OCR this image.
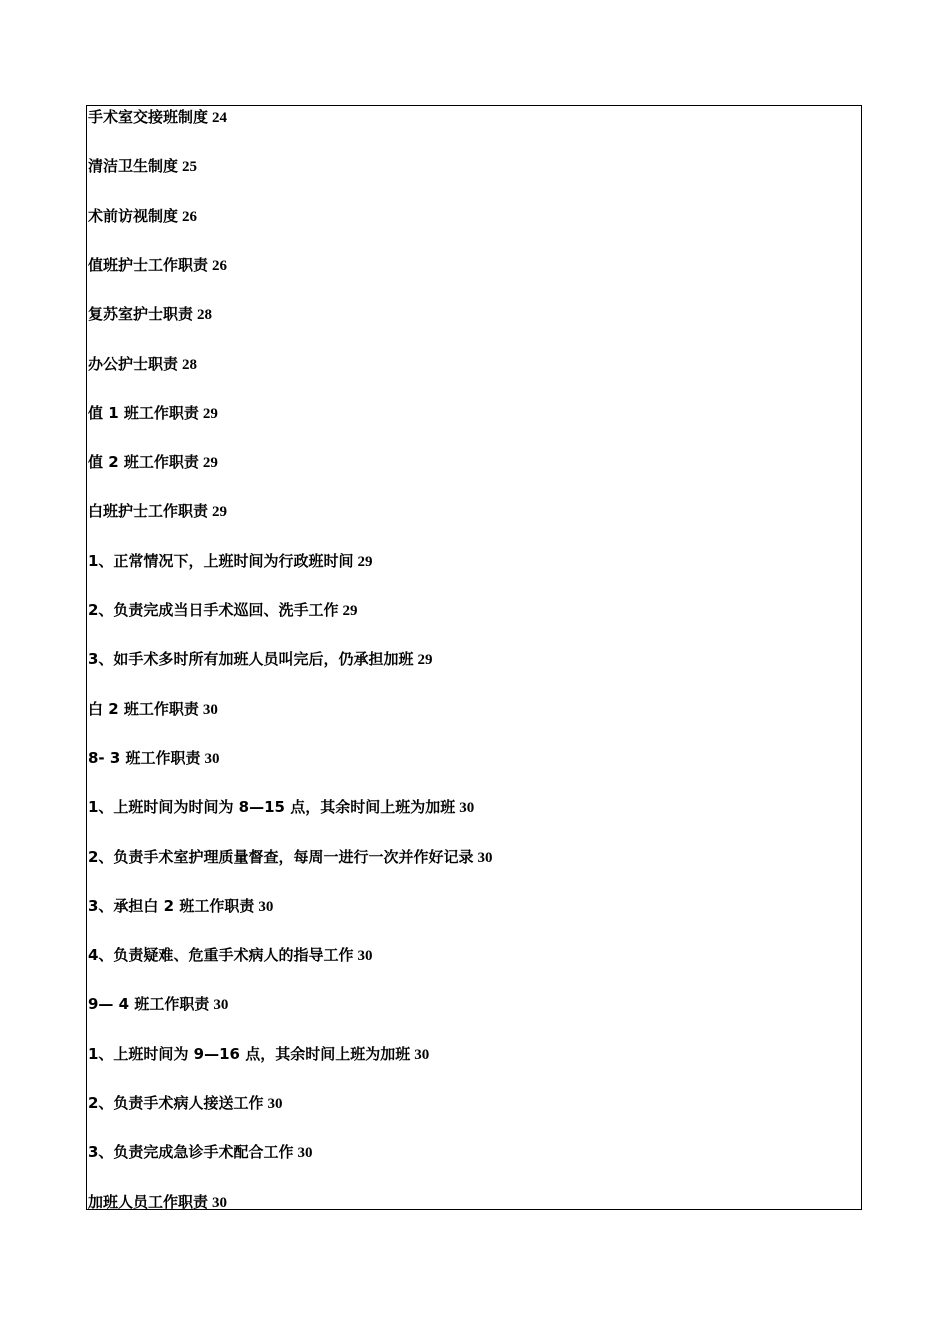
手术室交接班制度 24
清洁卫生制度 25
术前访视制度 26
值班护士工作职责 26
复苏室护士职责 28
办公护士职责 28
值 1 班工作职责 29
值 2 班工作职责 29
白班护士工作职责 29
1、正常情况下，上班时间为行政班时间 29
2、负责完成当日手术巡回、洗手工作 29
3、如手术多时所有加班人员叫完后，仍承担加班 29
白 2 班工作职责 30
8- 3 班工作职责 30
1、上班时间为时间为 8—15 点，其余时间上班为加班 30
2、负责手术室护理质量督查，每周一进行一次并作好记录 30
3、承担白 2 班工作职责 30
4、负责疑难、危重手术病人的指导工作 30
9— 4 班工作职责 30
1、上班时间为 9—16 点，其余时间上班为加班 30
2、负责手术病人接送工作 30
3、负责完成急诊手术配合工作 30
加班人员工作职责 30
